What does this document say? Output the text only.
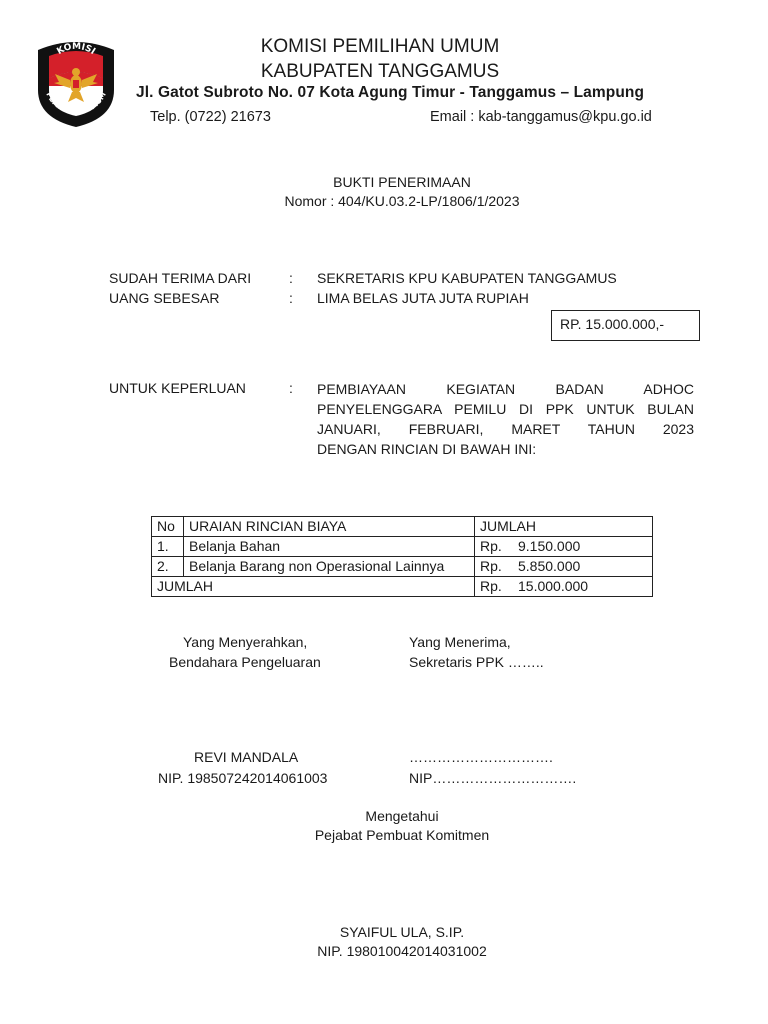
KOMISI
PEMILIHAN UMUM
KOMISI PEMILIHAN UMUM
KABUPATEN TANGGAMUS
Jl. Gatot Subroto No. 07 Kota Agung Timur - Tanggamus – Lampung
Telp. (0722) 21673	Email : kab-tanggamus@kpu.go.id
BUKTI PENERIMAAN
Nomor : 404/KU.03.2-LP/1806/1/2023
SUDAH TERIMA DARI	: SEKRETARIS KPU KABUPATEN TANGGAMUS
UANG SEBESAR	: LIMA BELAS JUTA JUTA RUPIAH
RP. 15.000.000,-
UNTUK KEPERLUAN	: PEMBIAYAAN KEGIATAN BADAN ADHOC
PENYELENGGARA PEMILU DI PPK UNTUK BULAN
JANUARI, FEBRUARI, MARET TAHUN 2023
DENGAN RINCIAN DI BAWAH INI:
No	URAIAN RINCIAN BIAYA	JUMLAH
1.	Belanja Bahan	Rp. 9.150.000
2.	Belanja Barang non Operasional Lainnya	Rp. 5.850.000
JUMLAH		Rp. 15.000.000
Yang Menyerahkan,
Bendahara Pengeluaran
Yang Menerima,
Sekretaris PPK ……..
REVI MANDALA
NIP. 198507242014061003
………………………….
NIP………………………….
Mengetahui
Pejabat Pembuat Komitmen
SYAIFUL ULA, S.IP.
NIP. 198010042014031002
